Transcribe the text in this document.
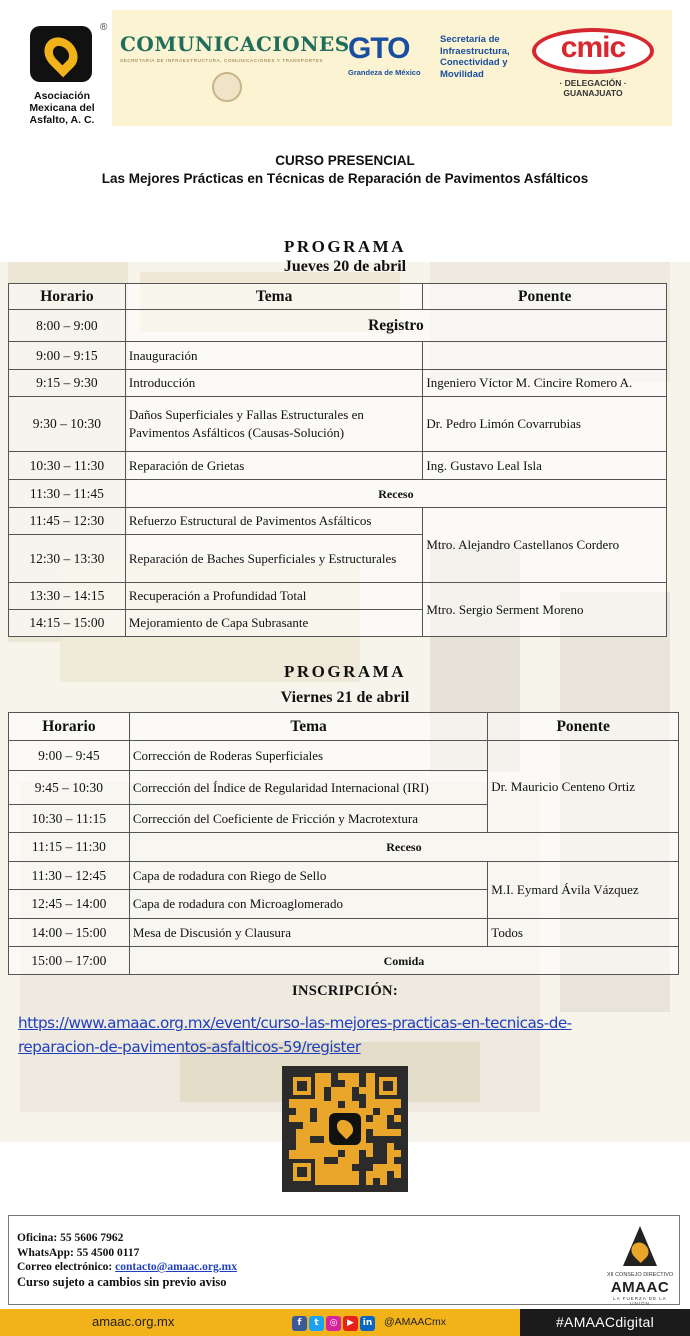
®
Asociación Mexicana del Asfalto, A. C.
COMUNICACIONES
SECRETARÍA DE INFRAESTRUCTURA, COMUNICACIONES Y TRANSPORTES GTO
Grandeza de México
Secretaría de Infraestructura, Conectividad y Movilidad
cmic
· DELEGACIÓN ·
GUANAJUATO
CURSO PRESENCIAL
Las Mejores Prácticas en Técnicas de Reparación de Pavimentos Asfálticos
PROGRAMA
Jueves 20 de abril
Horario	Tema	Ponente
8:00 – 9:00	Registro	
9:00 – 9:15	Inauguración	
9:15 – 9:30	Introducción	Ingeniero Víctor M. Cincire Romero A.
9:30 – 10:30	Daños Superficiales y Fallas Estructurales en Pavimentos Asfálticos (Causas-Solución)	Dr. Pedro Limón Covarrubias
10:30 – 11:30	Reparación de Grietas	Ing. Gustavo Leal Isla
11:30 – 11:45	Receso	
11:45 – 12:30	Refuerzo Estructural de Pavimentos Asfálticos	Mtro. Alejandro Castellanos Cordero
12:30 – 13:30	Reparación de Baches Superficiales y Estructurales	
13:30 – 14:15	Recuperación a Profundidad Total	Mtro. Sergio Serment Moreno
14:15 – 15:00	Mejoramiento de Capa Subrasante	
PROGRAMA
Viernes 21 de abril
Horario	Tema	Ponente
9:00 – 9:45	Corrección de Roderas Superficiales	Dr. Mauricio Centeno Ortiz
9:45 – 10:30	Corrección del Índice de Regularidad Internacional (IRI)	
10:30 – 11:15	Corrección del Coeficiente de Fricción y Macrotextura	
11:15 – 11:30	Receso	
11:30 – 12:45	Capa de rodadura con Riego de Sello	M.I. Eymard Ávila Vázquez
12:45 – 14:00	Capa de rodadura con Microaglomerado	
14:00 – 15:00	Mesa de Discusión y Clausura	Todos
15:00 – 17:00	Comida	
INSCRIPCIÓN:
https://www.amaac.org.mx/event/curso-las-mejores-practicas-en-tecnicas-de-
reparacion-de-pavimentos-asfalticos-59/register
Oficina: 55 5606 7962
WhatsApp: 55 4500 0117
Correo electrónico: contacto@amaac.org.mx
Curso sujeto a cambios sin previo aviso	XII CONSEJO DIRECTIVO
AMAAC
LA FUERZA DE LA UNIÓN
amaac.org.mx	f	t	◎	▶ in @AMAACmx	#AMAACdigital
